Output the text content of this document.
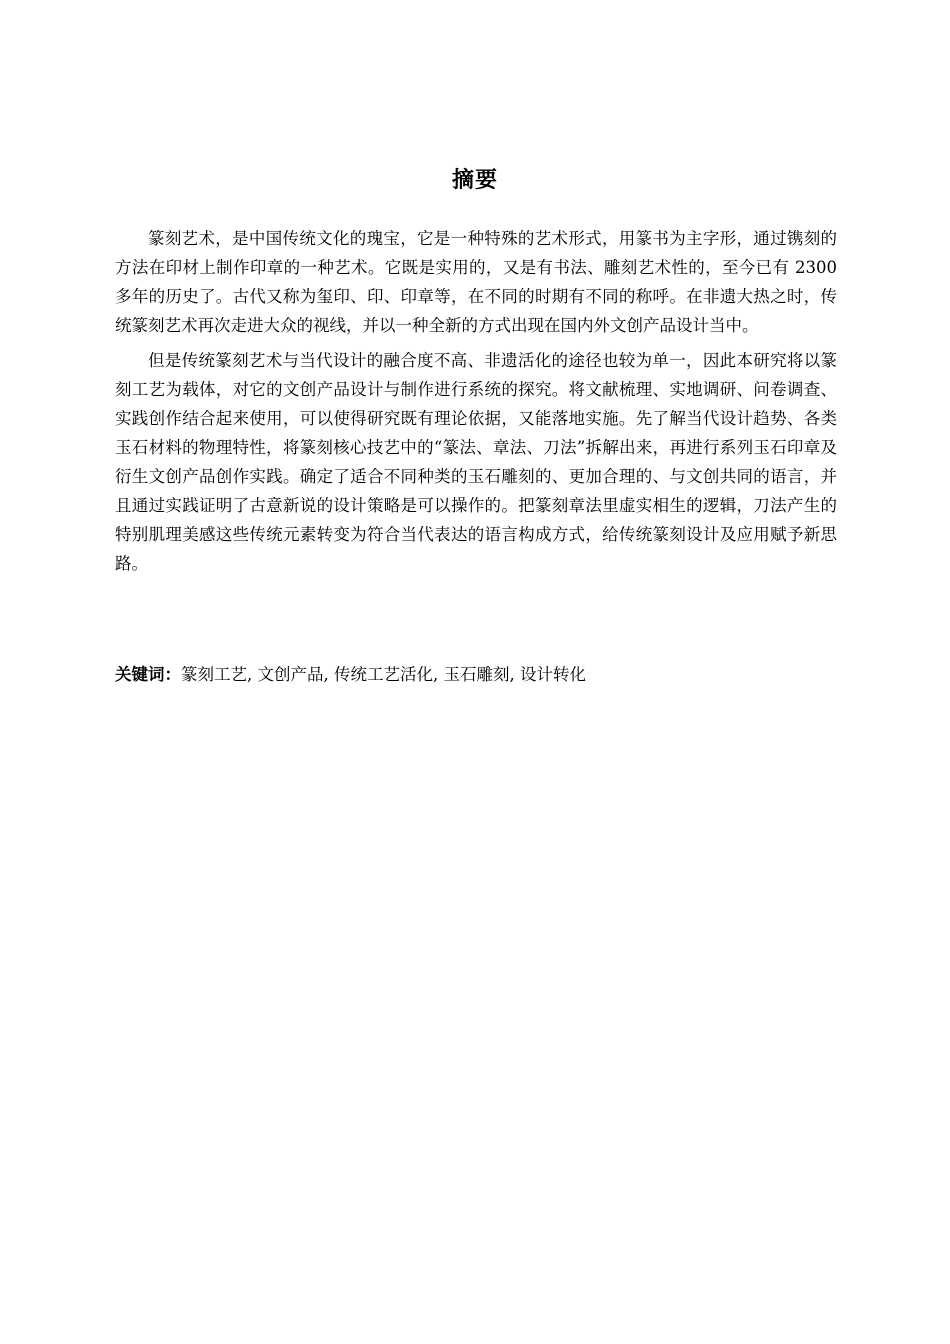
摘要

篆刻艺术，是中国传统文化的瑰宝，它是一种特殊的艺术形式，用篆书为主字形，通过镌刻的方法在印材上制作印章的一种艺术。它既是实用的，又是有书法、雕刻艺术性的，至今已有 2300 多年的历史了。古代又称为玺印、印、印章等，在不同的时期有不同的称呼。在非遗大热之时，传统篆刻艺术再次走进大众的视线，并以一种全新的方式出现在国内外文创产品设计当中。

但是传统篆刻艺术与当代设计的融合度不高、非遗活化的途径也较为单一，因此本研究将以篆刻工艺为载体，对它的文创产品设计与制作进行系统的探究。将文献梳理、实地调研、问卷调查、实践创作结合起来使用，可以使得研究既有理论依据，又能落地实施。先了解当代设计趋势、各类玉石材料的物理特性，将篆刻核心技艺中的“篆法、章法、刀法”拆解出来，再进行系列玉石印章及衍生文创产品创作实践。确定了适合不同种类的玉石雕刻的、更加合理的、与文创共同的语言，并且通过实践证明了古意新说的设计策略是可以操作的。把篆刻章法里虚实相生的逻辑，刀法产生的特别肌理美感这些传统元素转变为符合当代表达的语言构成方式，给传统篆刻设计及应用赋予新思路。

关键词：篆刻工艺, 文创产品, 传统工艺活化, 玉石雕刻, 设计转化
